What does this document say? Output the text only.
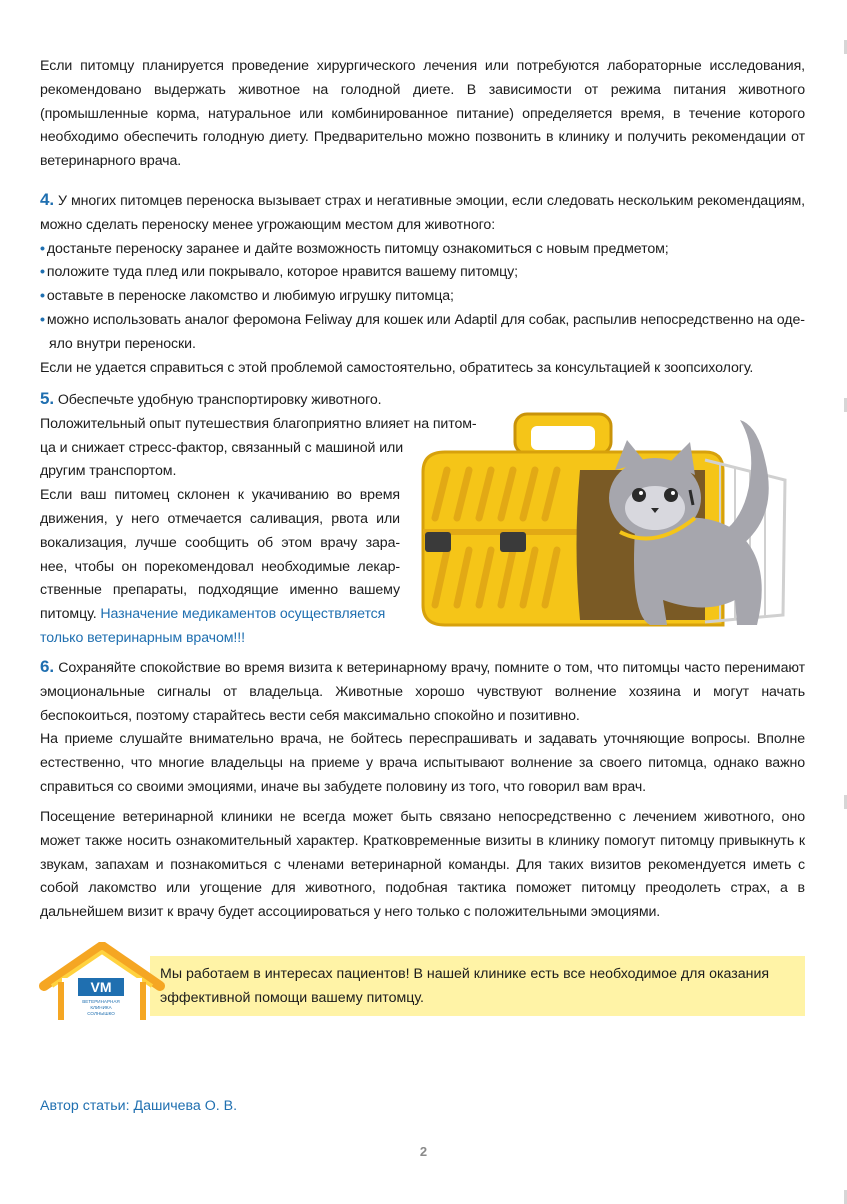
Если питомцу планируется проведение хирургического лечения или потребуются лабораторные исследования, рекомендовано выдержать животное на голодной диете. В зависимости от режима питания животного (промышленные корма, натуральное или комбинированное питание) определяется время, в течение которого необходимо обеспечить голодную диету. Предварительно можно позвонить в клинику и получить рекомендации от ветеринарного врача.
4. У многих питомцев переноска вызывает страх и негативные эмоции, если следовать нескольким рекомендациям, можно сделать переноску менее угрожающим местом для животного:
• достаньте переноску заранее и дайте возможность питомцу ознакомиться с новым предметом;
• положите туда плед или покрывало, которое нравится вашему питомцу;
• оставьте в переноске лакомство и любимую игрушку питомца;
• можно использовать аналог феромона Feliway для кошек или Adaptil для собак, распылив непосредственно на оде-
яло внутри переноски.
Если не удается справиться с этой проблемой самостоятельно, обратитесь за консультацией к зоопсихологу.
5. Обеспечьте удобную транспортировку животного.
Положительный опыт путешествия благоприятно влияет на питом-
ца и снижает стресс-фактор, связанный с машиной или
другим транспортом.
Если ваш питомец склонен к укачиванию во время
движения, у него отмечается саливация, рвота или
вокализация, лучше сообщить об этом врачу зара-
нее, чтобы он порекомендовал необходимые лекар-
ственные препараты, подходящие именно вашему
питомцу. Назначение медикаментов осуществляется
только ветеринарным врачом!!!
6. Сохраняйте спокойствие во время визита к ветеринарному врачу, помните о том, что питомцы часто перенимают эмоциональные сигналы от владельца. Животные хорошо чувствуют волнение хозяина и могут начать беспокоиться, поэтому старайтесь вести себя максимально спокойно и позитивно.
На приеме слушайте внимательно врача, не бойтесь переспрашивать и задавать уточняющие вопросы. Вполне естественно, что многие владельцы на приеме у врача испытывают волнение за своего питомца, однако важно справиться со своими эмоциями, иначе вы забудете половину из того, что говорил вам врач.
Посещение ветеринарной клиники не всегда может быть связано непосредственно с лечением животного, оно может также носить ознакомительный характер. Кратковременные визиты в клинику помогут питомцу привыкнуть к звукам, запахам и познакомиться с членами ветеринарной команды. Для таких визитов рекомендуется иметь с собой лакомство или угощение для животного, подобная тактика поможет питомцу преодолеть страх, а в дальнейшем визит к врачу будет ассоциироваться у него только с положительными эмоциями.
Мы работаем в интересах пациентов! В нашей клинике есть все необходимое для оказания эффективной помощи вашему питомцу.
VM
ВЕТЕРИНАРНАЯ
КЛИНИКА
СОЛНЫШКО
Автор статьи: Дашичева О. В.
2
